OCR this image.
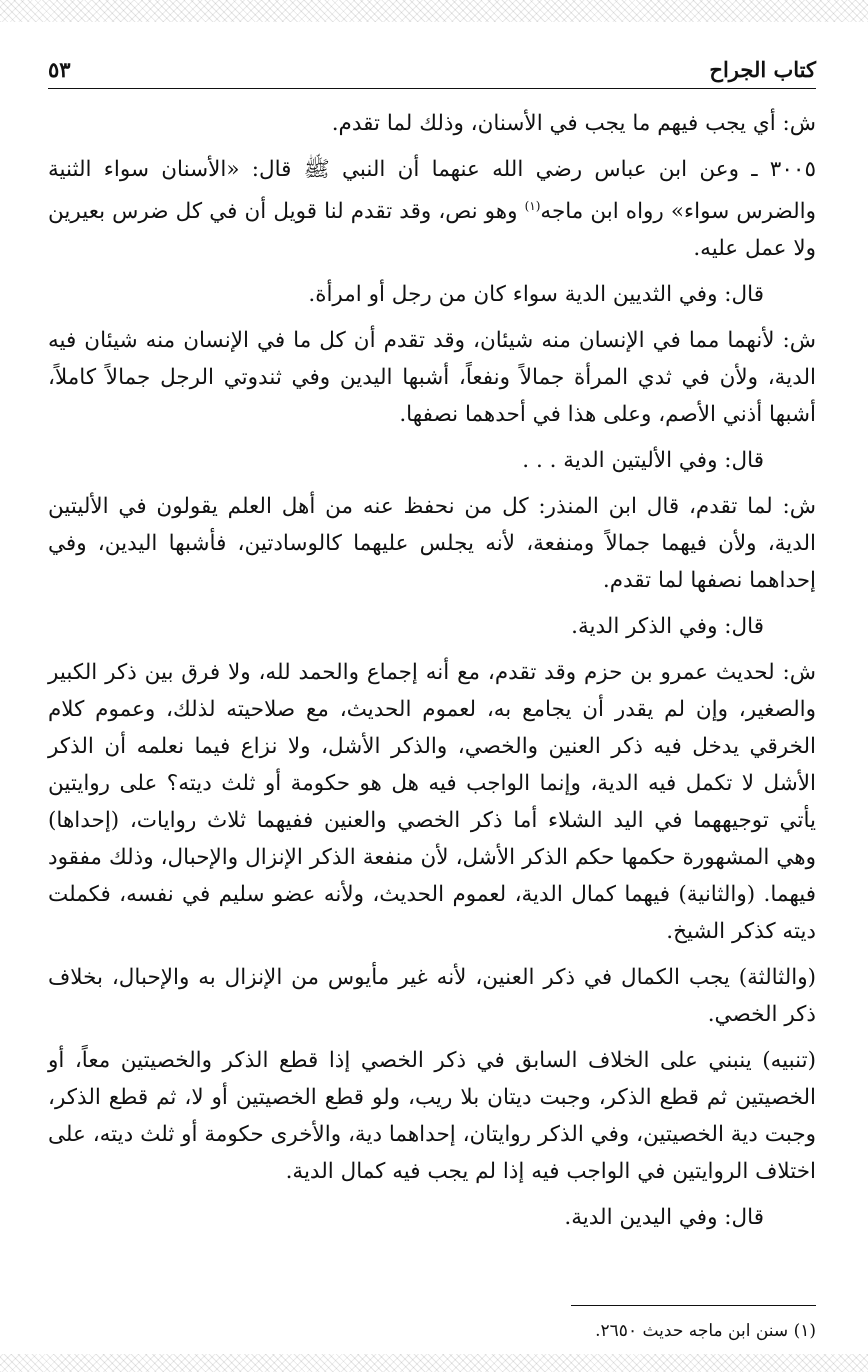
كتاب الجراح
٥٣

ش: أي يجب فيهم ما يجب في الأسنان، وذلك لما تقدم.

٣٠٠٥ ـ وعن ابن عباس رضي الله عنهما أن النبي ﷺ قال: «الأسنان سواء الثنية والضرس سواء» رواه ابن ماجه$^{(١)}$ وهو نص، وقد تقدم لنا قويل أن في كل ضرس بعيرين ولا عمل عليه.

قال: وفي الثديين الدية سواء كان من رجل أو امرأة.

ش: لأنهما مما في الإنسان منه شيئان، وقد تقدم أن كل ما في الإنسان منه شيئان فيه الدية، ولأن في ثدي المرأة جمالاً ونفعاً، أشبها اليدين وفي ثندوتي الرجل جمالاً كاملاً، أشبها أذني الأصم، وعلى هذا في أحدهما نصفها.

قال: وفي الأليتين الدية . . .

ش: لما تقدم، قال ابن المنذر: كل من نحفظ عنه من أهل العلم يقولون في الأليتين الدية، ولأن فيهما جمالاً ومنفعة، لأنه يجلس عليهما كالوسادتين، فأشبها اليدين، وفي إحداهما نصفها لما تقدم.

قال: وفي الذكر الدية.

ش: لحديث عمرو بن حزم وقد تقدم، مع أنه إجماع والحمد لله، ولا فرق بين ذكر الكبير والصغير، وإن لم يقدر أن يجامع به، لعموم الحديث، مع صلاحيته لذلك، وعموم كلام الخرقي يدخل فيه ذكر العنين والخصي، والذكر الأشل، ولا نزاع فيما نعلمه أن الذكر الأشل لا تكمل فيه الدية، وإنما الواجب فيه هل هو حكومة أو ثلث ديته؟ على روايتين يأتي توجيههما في اليد الشلاء أما ذكر الخصي والعنين ففيهما ثلاث روايات، (إحداها) وهي المشهورة حكمها حكم الذكر الأشل، لأن منفعة الذكر الإنزال والإحبال، وذلك مفقود فيهما. (والثانية) فيهما كمال الدية، لعموم الحديث، ولأنه عضو سليم في نفسه، فكملت ديته كذكر الشيخ.

(والثالثة) يجب الكمال في ذكر العنين، لأنه غير مأيوس من الإنزال به والإحبال، بخلاف ذكر الخصي.

(تنبيه) ينبني على الخلاف السابق في ذكر الخصي إذا قطع الذكر والخصيتين معاً، أو الخصيتين ثم قطع الذكر، وجبت ديتان بلا ريب، ولو قطع الخصيتين أو لا، ثم قطع الذكر، وجبت دية الخصيتين، وفي الذكر روايتان، إحداهما دية، والأخرى حكومة أو ثلث ديته، على اختلاف الروايتين في الواجب فيه إذا لم يجب فيه كمال الدية.

قال: وفي اليدين الدية.

(١) سنن ابن ماجه حديث ٢٦٥٠.
